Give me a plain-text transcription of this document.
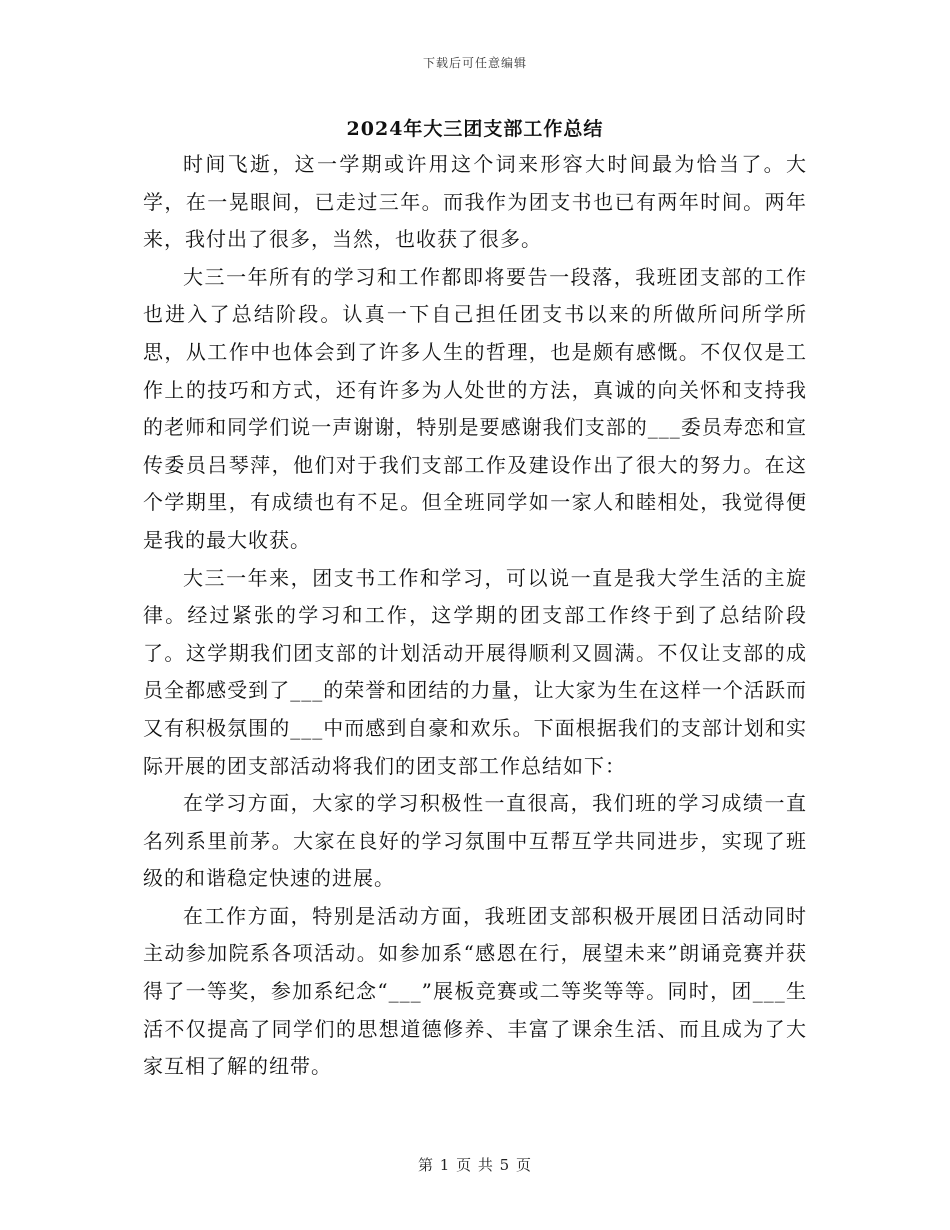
下载后可任意编辑
2024年大三团支部工作总结

时间飞逝，这一学期或许用这个词来形容大时间最为恰当了。大学，在一晃眼间，已走过三年。而我作为团支书也已有两年时间。两年来，我付出了很多，当然，也收获了很多。

大三一年所有的学习和工作都即将要告一段落，我班团支部的工作也进入了总结阶段。认真一下自己担任团支书以来的所做所问所学所思，从工作中也体会到了许多人生的哲理，也是颇有感慨。不仅仅是工作上的技巧和方式，还有许多为人处世的方法，真诚的向关怀和支持我的老师和同学们说一声谢谢，特别是要感谢我们支部的___委员寿恋和宣传委员吕琴萍，他们对于我们支部工作及建设作出了很大的努力。在这个学期里，有成绩也有不足。但全班同学如一家人和睦相处，我觉得便是我的最大收获。

大三一年来，团支书工作和学习，可以说一直是我大学生活的主旋律。经过紧张的学习和工作，这学期的团支部工作终于到了总结阶段了。这学期我们团支部的计划活动开展得顺利又圆满。不仅让支部的成员全都感受到了___的荣誉和团结的力量，让大家为生在这样一个活跃而又有积极氛围的___中而感到自豪和欢乐。下面根据我们的支部计划和实际开展的团支部活动将我们的团支部工作总结如下：

在学习方面，大家的学习积极性一直很高，我们班的学习成绩一直名列系里前茅。大家在良好的学习氛围中互帮互学共同进步，实现了班级的和谐稳定快速的进展。

在工作方面，特别是活动方面，我班团支部积极开展团日活动同时主动参加院系各项活动。如参加系“感恩在行，展望未来”朗诵竞赛并获得了一等奖，参加系纪念“___”展板竞赛或二等奖等等。同时，团___生活不仅提高了同学们的思想道德修养、丰富了课余生活、而且成为了大家互相了解的纽带。

第 1 页 共 5 页
